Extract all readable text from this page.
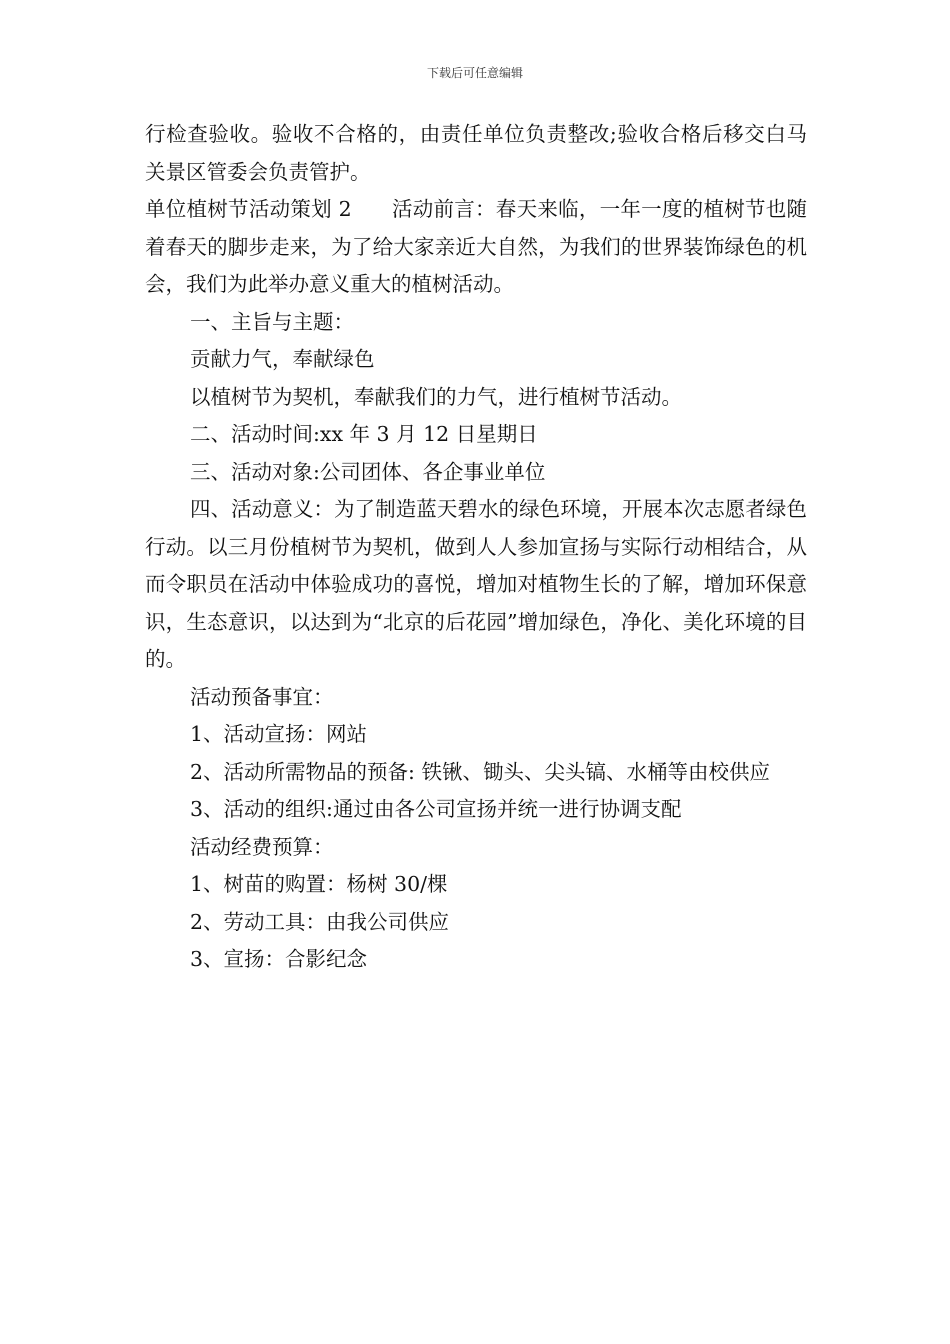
下载后可任意编辑

行检查验收。验收不合格的，由责任单位负责整改;验收合格后移交白马关景区管委会负责管护。

单位植树节活动策划 2 活动前言：春天来临，一年一度的植树节也随着春天的脚步走来，为了给大家亲近大自然，为我们的世界装饰绿色的机会，我们为此举办意义重大的植树活动。

一、主旨与主题：

贡献力气，奉献绿色

以植树节为契机，奉献我们的力气，进行植树节活动。

二、活动时间:xx 年 3 月 12 日星期日

三、活动对象:公司团体、各企事业单位

四、活动意义：为了制造蓝天碧水的绿色环境，开展本次志愿者绿色行动。以三月份植树节为契机，做到人人参加宣扬与实际行动相结合，从而令职员在活动中体验成功的喜悦，增加对植物生长的了解，增加环保意识，生态意识，以达到为“北京的后花园”增加绿色，净化、美化环境的目的。

活动预备事宜：

1、活动宣扬：网站

2、活动所需物品的预备: 铁锹、锄头、尖头镐、水桶等由校供应

3、活动的组织:通过由各公司宣扬并统一进行协调支配

活动经费预算：

1、树苗的购置：杨树 30/棵

2、劳动工具：由我公司供应

3、宣扬：合影纪念
